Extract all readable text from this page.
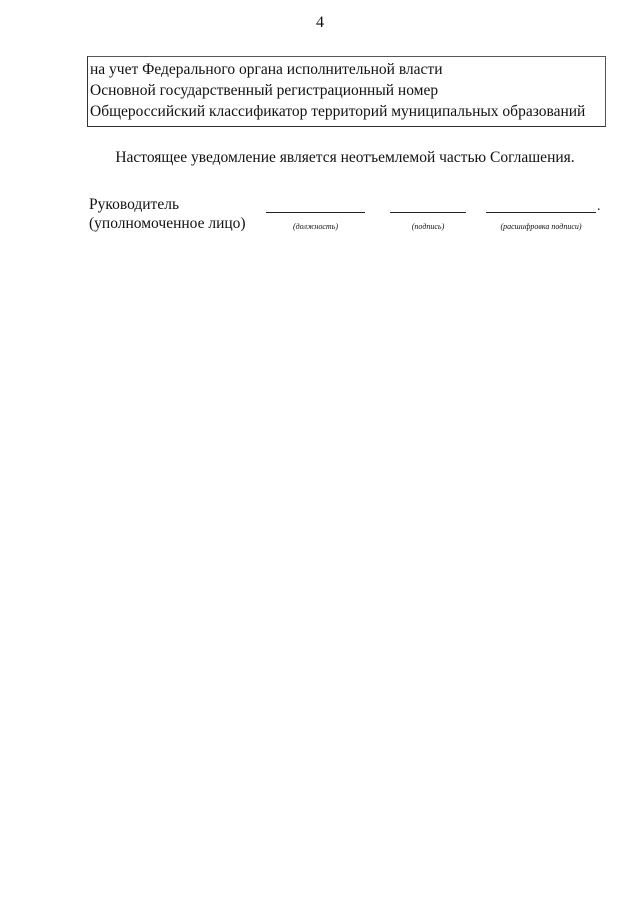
4
на учет Федерального органа исполнительной власти
Основной государственный регистрационный номер
Общероссийский классификатор территорий муниципальных образований
Настоящее уведомление является неотъемлемой частью Соглашения.
Руководитель
(уполномоченное лицо)
.
(должность)	(подпись)	(расшифровка подписи)
